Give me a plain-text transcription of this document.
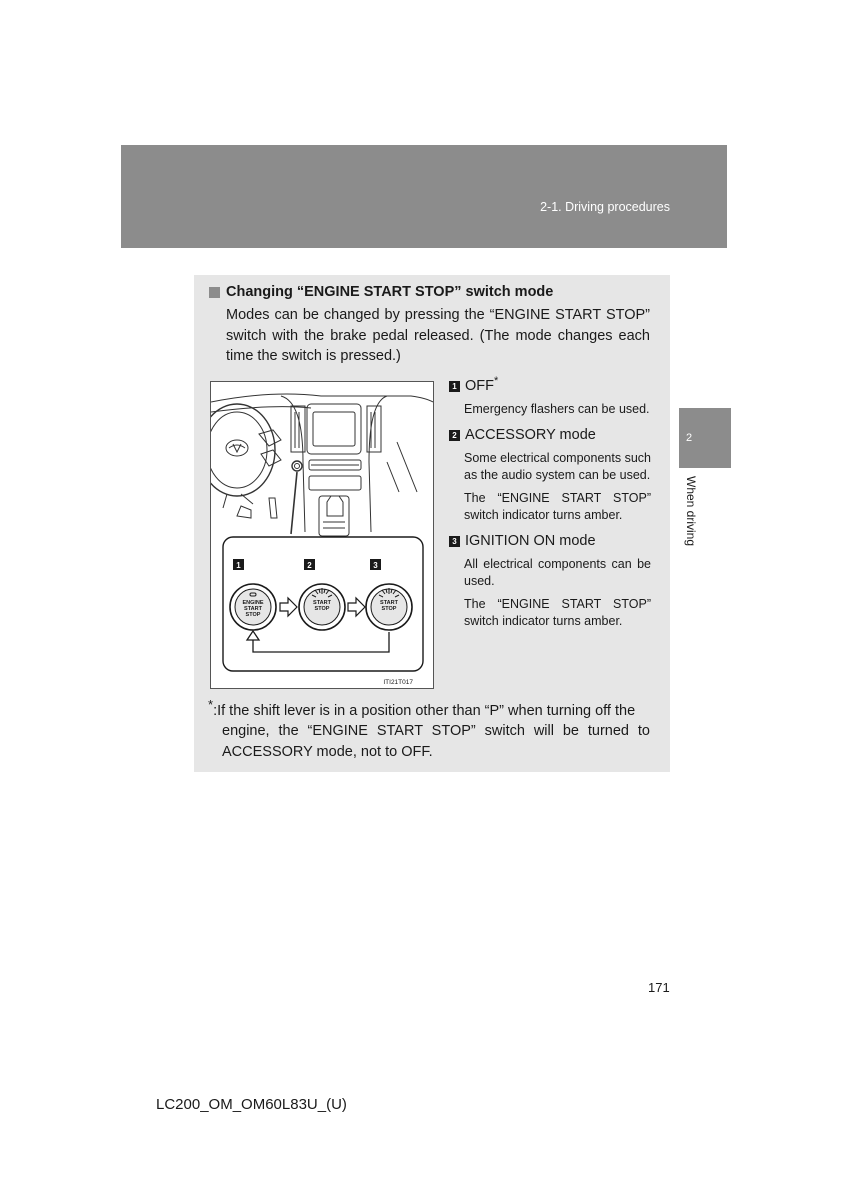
2-1. Driving procedures
2
When driving
Changing “ENGINE START STOP” switch mode
Modes can be changed by pressing the “ENGINE START STOP” switch with the brake pedal released. (The mode changes each time the switch is pressed.)
1	2	3
ENGINE
START
STOP
START
STOP
START
STOP
ITI21T017
1 OFF *
Emergency flashers can be used.
2 ACCESSORY mode
Some electrical components such as the audio system can be used.
The “ENGINE START STOP” switch indicator turns amber.
3 IGNITION ON mode
All electrical components can be used.
The “ENGINE START STOP” switch indicator turns amber.
*:If the shift lever is in a position other than “P” when turning off the
engine, the “ENGINE START STOP” switch will be turned to ACCESSORY mode, not to OFF.
171
LC200_OM_OM60L83U_(U)
